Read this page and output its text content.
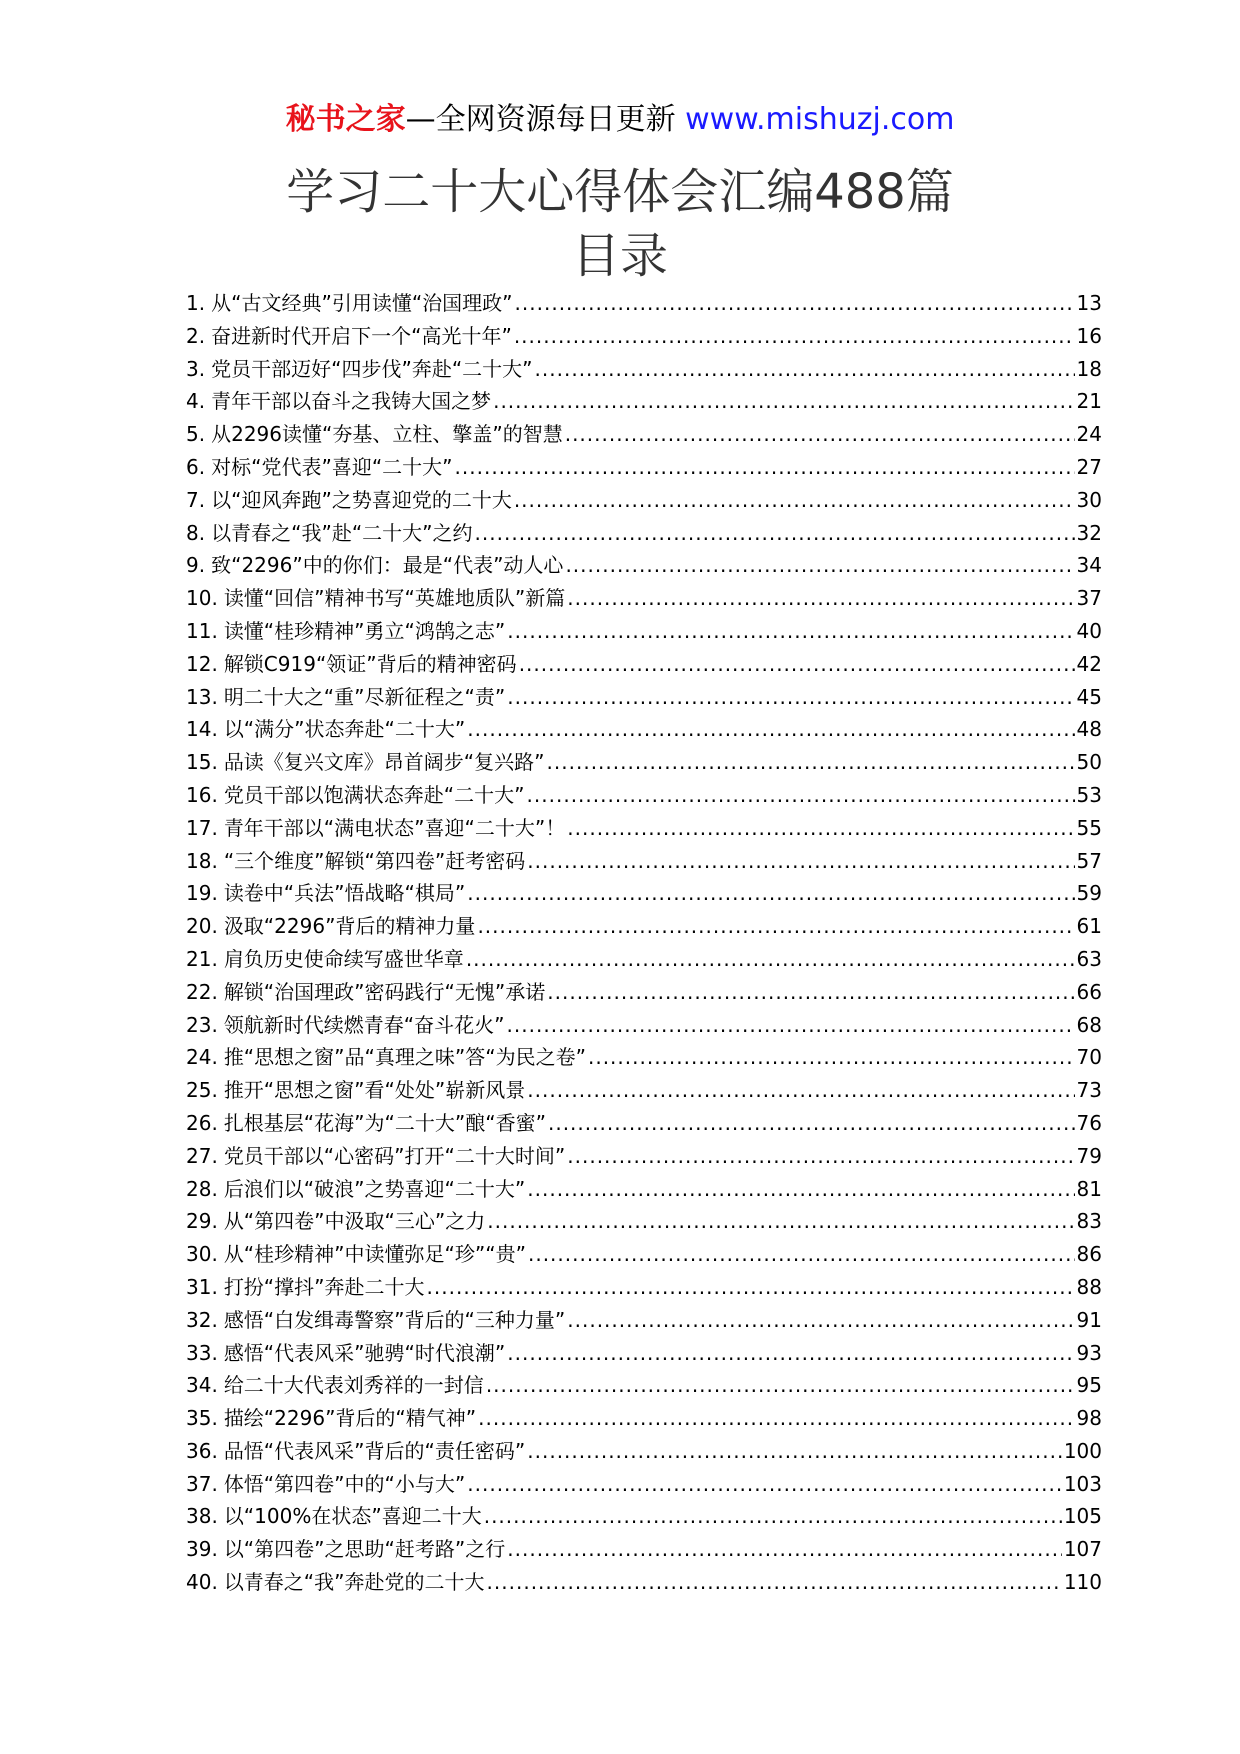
秘书之家—全网资源每日更新 www.mishuzj.com
学习二十大心得体会汇编488篇
目录
1. 从“古文经典”引用读懂“治国理政” .....	13
2. 奋进新时代开启下一个“高光十年” .....	16
3. 党员干部迈好“四步伐”奔赴“二十大” .....	18
4. 青年干部以奋斗之我铸大国之梦 .....	21
5. 从2296读懂“夯基、立柱、擎盖”的智慧 .....	24
6. 对标“党代表”喜迎“二十大” .....	27
7. 以“迎风奔跑”之势喜迎党的二十大 .....	30
8. 以青春之“我”赴“二十大”之约 .....	32
9. 致“2296”中的你们：最是“代表”动人心 .....	34
10. 读懂“回信”精神书写“英雄地质队”新篇 .....	37
11. 读懂“桂珍精神”勇立“鸿鹄之志” .....	40
12. 解锁C919“领证”背后的精神密码 .....	42
13. 明二十大之“重”尽新征程之“责” .....	45
14. 以“满分”状态奔赴“二十大” .....	48
15. 品读《复兴文库》昂首阔步“复兴路” .....	50
16. 党员干部以饱满状态奔赴“二十大” .....	53
17. 青年干部以“满电状态”喜迎“二十大”！ .....	55
18. “三个维度”解锁“第四卷”赶考密码 .....	57
19. 读卷中“兵法”悟战略“棋局” .....	59
20. 汲取“2296”背后的精神力量 .....	61
21. 肩负历史使命续写盛世华章 .....	63
22. 解锁“治国理政”密码践行“无愧”承诺 .....	66
23. 领航新时代续燃青春“奋斗花火” .....	68
24. 推“思想之窗”品“真理之味”答“为民之卷” .....	70
25. 推开“思想之窗”看“处处”崭新风景 .....	73
26. 扎根基层“花海”为“二十大”酿“香蜜” .....	76
27. 党员干部以“心密码”打开“二十大时间” .....	79
28. 后浪们以“破浪”之势喜迎“二十大” .....	81
29. 从“第四卷”中汲取“三心”之力 .....	83
30. 从“桂珍精神”中读懂弥足“珍”“贵” .....	86
31. 打扮“撑抖”奔赴二十大 .....	88
32. 感悟“白发缉毒警察”背后的“三种力量” .....	91
33. 感悟“代表风采”驰骋“时代浪潮” .....	93
34. 给二十大代表刘秀祥的一封信 .....	95
35. 描绘“2296”背后的“精气神” .....	98
36. 品悟“代表风采”背后的“责任密码” .....	100
37. 体悟“第四卷”中的“小与大” .....	103
38. 以“100%在状态”喜迎二十大 .....	105
39. 以“第四卷”之思助“赶考路”之行 .....	107
40. 以青春之“我”奔赴党的二十大 .....	110
